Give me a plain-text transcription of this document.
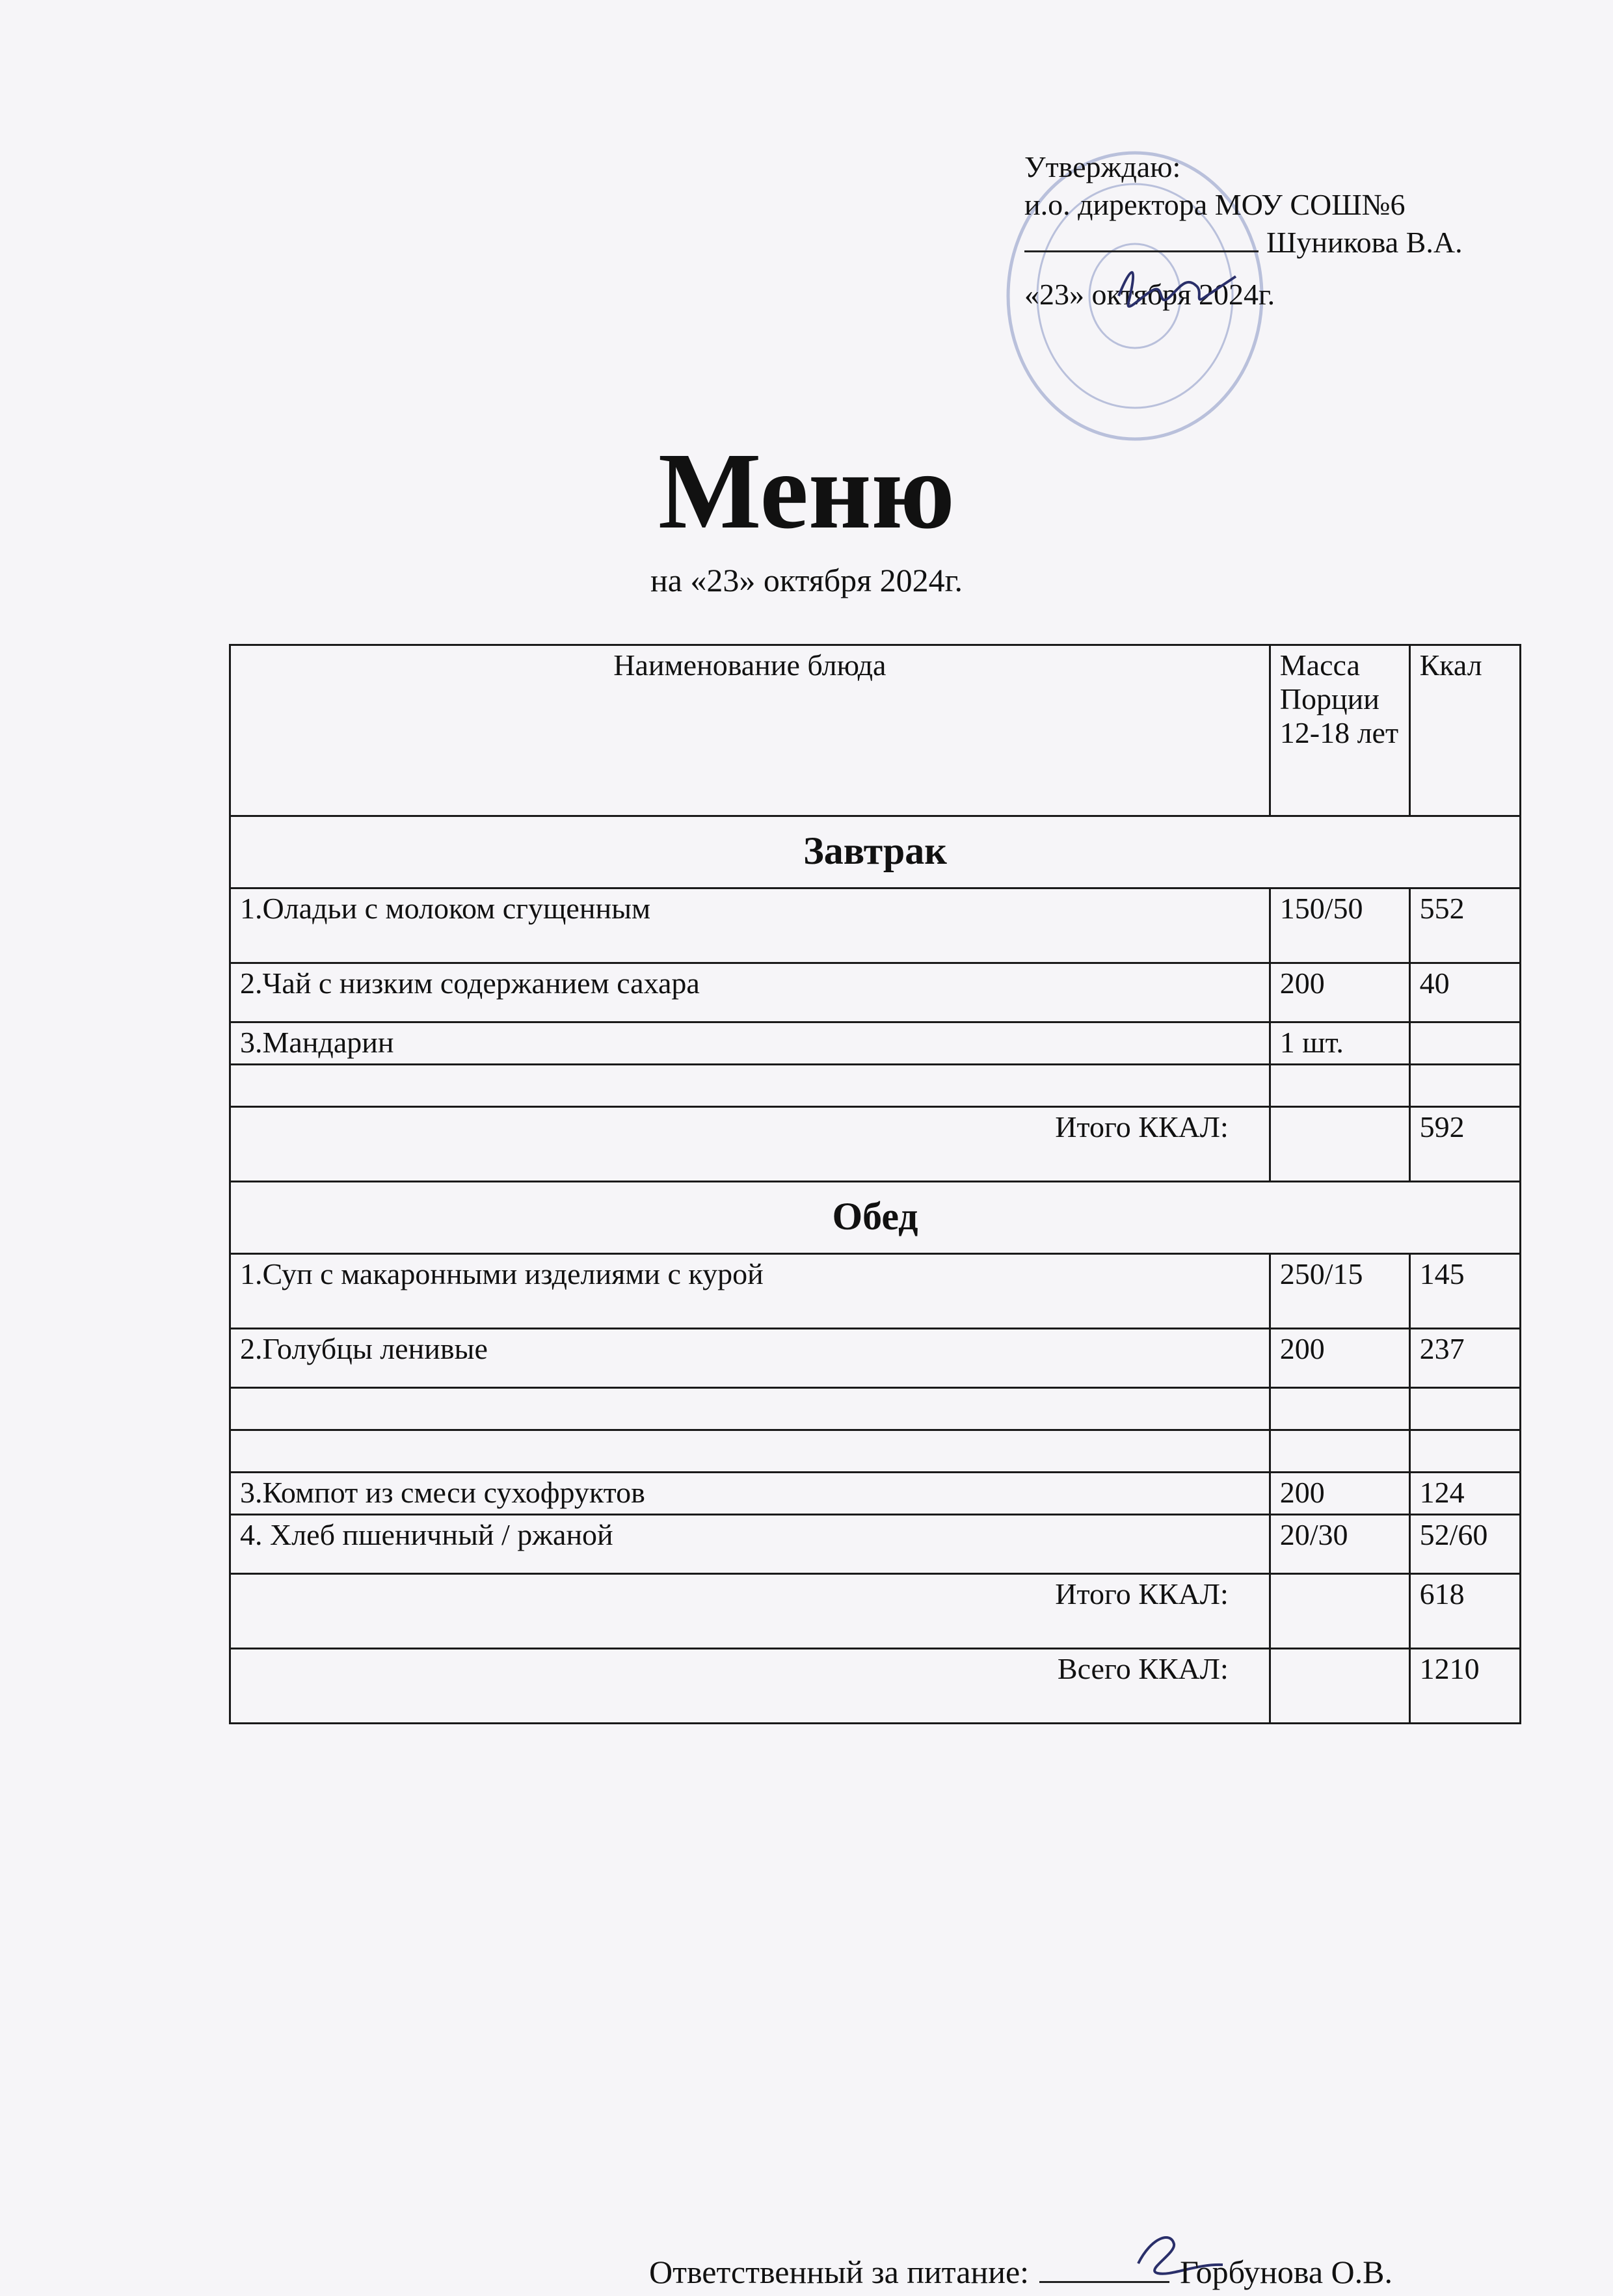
Утверждаю:
и.о. директора МОУ СОШ№6
Шуникова В.А.
«23» октября 2024г.
Меню
на «23» октября 2024г.
Наименование блюда	Масса Порции 12-18 лет	Ккал
Завтрак		
1.Оладьи с молоком сгущенным	150/50	552
2.Чай с низким содержанием сахара	200	40
3.Мандарин	1 шт.	

Итого ККАЛ:		592
Обед		
1.Суп с макаронными изделиями с курой	250/15	145
2.Голубцы ленивые	200	237

3.Компот из смеси сухофруктов	200	124
4. Хлеб пшеничный / ржаной	20/30	52/60
Итого ККАЛ:		618
Всего ККАЛ:		1210
Ответственный за питание:	Горбунова О.В.
